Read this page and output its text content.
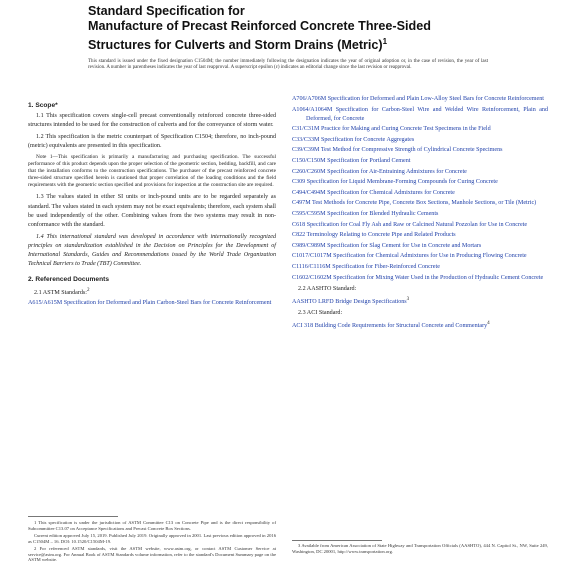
Standard Specification for
Manufacture of Precast Reinforced Concrete Three-Sided
Structures for Culverts and Storm Drains (Metric)$^1$
This standard is issued under the fixed designation C1504M; the number immediately following the designation indicates the year of original adoption or, in the case of revision, the year of last revision. A number in parentheses indicates the year of last reapproval. A superscript epsilon (ε) indicates an editorial change since the last revision or reapproval.
1. Scope*

1.1 This specification covers single-cell precast conventionally reinforced concrete three-sided structures intended to be used for the construction of culverts and for the conveyance of storm water.

1.2 This specification is the metric counterpart of Specification C1504; therefore, no inch-pound (metric) equivalents are presented in this specification.

Note 1—This specification is primarily a manufacturing and purchasing specification. The successful performance of this product depends upon the proper selection of the geometric section, bedding, backfill, and care that the installation conforms to the construction specifications. The purchaser of the precast reinforced concrete three-sided structure specified herein is cautioned that proper correlation of the loading conditions and the field requirements with the geometric section specified and provisions for inspection at the construction site are required.

1.3 The values stated in either SI units or inch-pound units are to be regarded separately as standard. The values stated in each system may not be exact equivalents; therefore, each system shall be used independently of the other. Combining values from the two systems may result in non-conformance with the standard.

1.4 This international standard was developed in accordance with internationally recognized principles on standardization established in the Decision on Principles for the Development of International Standards, Guides and Recommendations issued by the World Trade Organization Technical Barriers to Trade (TBT) Committee.

2. Referenced Documents
2.1 ASTM Standards:$^2$
A615/A615M Specification for Deformed and Plain Carbon-Steel Bars for Concrete Reinforcement
A706/A706M Specification for Deformed and Plain Low-Alloy Steel Bars for Concrete Reinforcement
A1064/A1064M Specification for Carbon-Steel Wire and Welded Wire Reinforcement, Plain and Deformed, for Concrete
C31/C31M Practice for Making and Curing Concrete Test Specimens in the Field
C33/C33M Specification for Concrete Aggregates
C39/C39M Test Method for Compressive Strength of Cylindrical Concrete Specimens
C150/C150M Specification for Portland Cement
C260/C260M Specification for Air-Entraining Admixtures for Concrete
C309 Specification for Liquid Membrane-Forming Compounds for Curing Concrete
C494/C494M Specification for Chemical Admixtures for Concrete
C497M Test Methods for Concrete Pipe, Concrete Box Sections, Manhole Sections, or Tile (Metric)
C595/C595M Specification for Blended Hydraulic Cements
C618 Specification for Coal Fly Ash and Raw or Calcined Natural Pozzolan for Use in Concrete
C822 Terminology Relating to Concrete Pipe and Related Products
C989/C989M Specification for Slag Cement for Use in Concrete and Mortars
C1017/C1017M Specification for Chemical Admixtures for Use in Producing Flowing Concrete
C1116/C1116M Specification for Fiber-Reinforced Concrete
C1602/C1602M Specification for Mixing Water Used in the Production of Hydraulic Cement Concrete
2.2 AASHTO Standard:
AASHTO LRFD Bridge Design Specifications$^3$
2.3 ACI Standard:
ACI 318 Building Code Requirements for Structural Concrete and Commentary$^4$
1 This specification is under the jurisdiction of ASTM Committee C13 on Concrete Pipe and is the direct responsibility of Subcommittee C13.07 on Acceptance Specifications and Precast Concrete Box Sections.
Current edition approved July 15, 2019. Published July 2019. Originally approved in 2001. Last previous edition approved in 2016 as C1504M – 16. DOI: 10.1520/C1504M-19.
2 For referenced ASTM standards, visit the ASTM website, www.astm.org, or contact ASTM Customer Service at service@astm.org. For Annual Book of ASTM Standards volume information, refer to the standard's Document Summary page on the ASTM website.
3 Available from American Association of State Highway and Transportation Officials (AASHTO), 444 N. Capitol St., NW, Suite 249, Washington, DC 20001, http://www.transportation.org.
